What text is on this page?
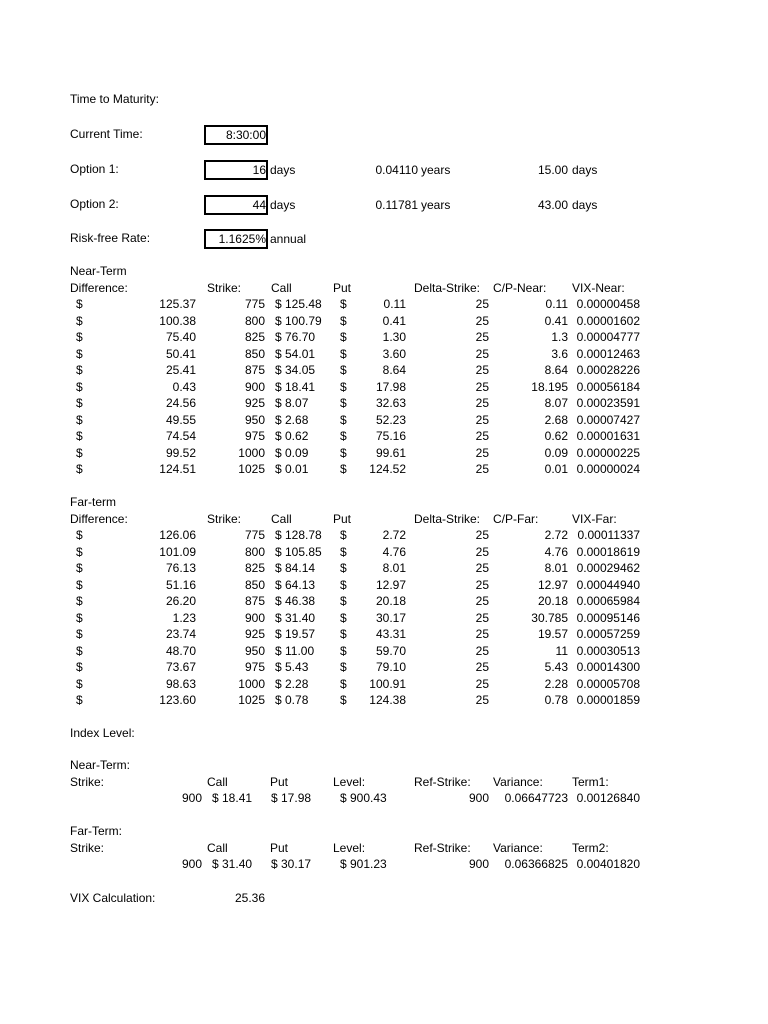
Time to Maturity:
Current Time:	8:30:00
Option 1:	16 days	0.04110 years	15.00 days
Option 2:	44 days	0.11781 years	43.00 days
Risk-free Rate:	1.1625% annual
Near-Term
Difference:	Strike: Call	Put	Delta-Strike: C/P-Near: VIX-Near:
$	125.37	775 $ 125.48	$	0.11	25	0.11 0.00000458
$	100.38	800 $ 100.79	$	0.41	25	0.41 0.00001602
$	75.40	825 $ 76.70	$	1.30	25	1.3 0.00004777
$	50.41	850 $ 54.01	$	3.60	25	3.6 0.00012463
$	25.41	875 $ 34.05	$	8.64	25	8.64 0.00028226
$	0.43	900 $ 18.41	$	17.98	25	18.195 0.00056184
$	24.56	925 $ 8.07	$	32.63	25	8.07 0.00023591
$	49.55	950 $ 2.68	$	52.23	25	2.68 0.00007427
$	74.54	975 $ 0.62	$	75.16	25	0.62 0.00001631
$	99.52	1000 $ 0.09	$	99.61	25	0.09 0.00000225
$	124.51	1025 $ 0.01	$	124.52	25	0.01 0.00000024
Far-term
Difference:	Strike: Call	Put	Delta-Strike: C/P-Far:	VIX-Far:
$	126.06	775 $ 128.78	$	2.72	25	2.72 0.00011337
$	101.09	800 $ 105.85	$	4.76	25	4.76 0.00018619
$	76.13	825 $ 84.14	$	8.01	25	8.01 0.00029462
$	51.16	850 $ 64.13	$	12.97	25	12.97 0.00044940
$	26.20	875 $ 46.38	$	20.18	25	20.18 0.00065984
$	1.23	900 $ 31.40	$	30.17	25	30.785 0.00095146
$	23.74	925 $ 19.57	$	43.31	25	19.57 0.00057259
$	48.70	950 $ 11.00	$	59.70	25	11 0.00030513
$	73.67	975 $ 5.43	$	79.10	25	5.43 0.00014300
$	98.63	1000 $ 2.28	$	100.91	25	2.28 0.00005708
$	123.60	1025 $ 0.78	$	124.38	25	0.78 0.00001859
Index Level:
Near-Term:
Strike:	Call	Put	Level:	Ref-Strike: Variance: Term1:
900 $ 18.41 $ 17.98 $ 900.43	900	0.06647723 0.00126840
Far-Term:
Strike:	Call	Put	Level:	Ref-Strike: Variance: Term2:
900 $ 31.40 $ 30.17 $ 901.23	900	0.06366825 0.00401820
VIX Calculation:	25.36
